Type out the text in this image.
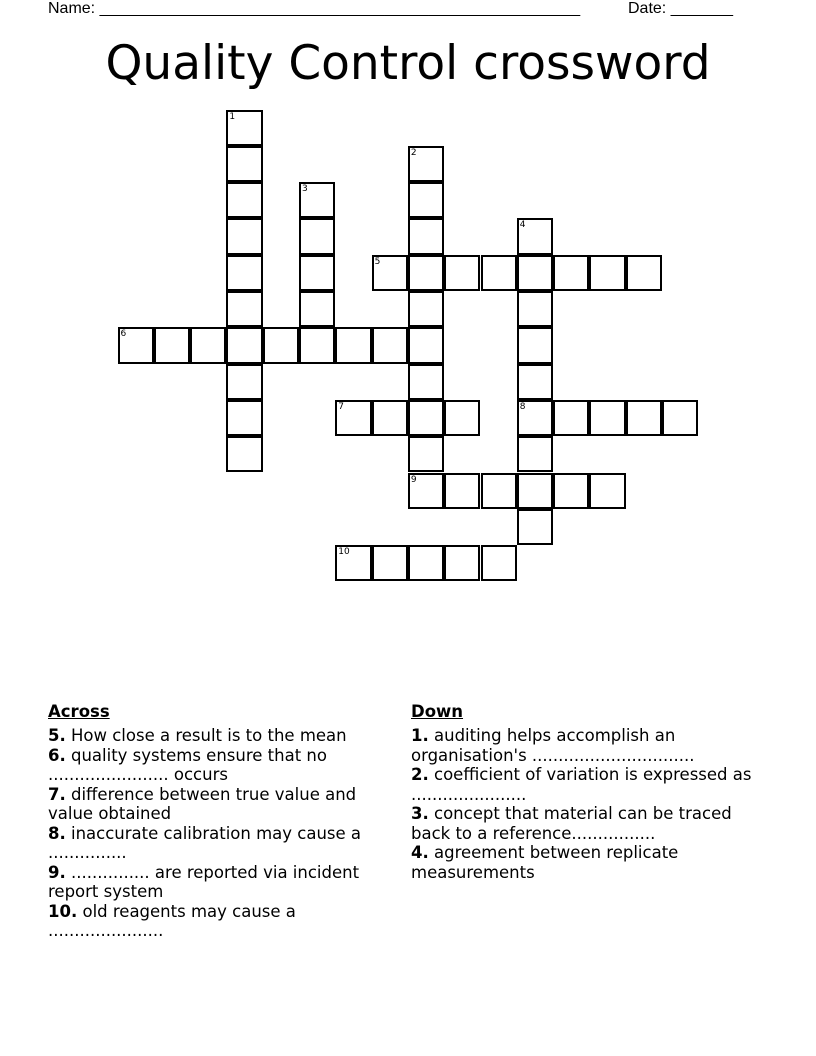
Name: ______________________________________________________	Date: _______
Quality Control crossword
1
2
3
4
8
5
6
7
9
10
Across
5. How close a result is to the mean
6. quality systems ensure that no ....................... occurs
7. difference between true value and value obtained
8. inaccurate calibration may cause a ...............
9. ............... are reported via incident report system
10. old reagents may cause a ......................
Down
1. auditing helps accomplish an organisation's ...............................
2. coefficient of variation is expressed as ......................
3. concept that material can be traced back to a reference................
4. agreement between replicate measurements
